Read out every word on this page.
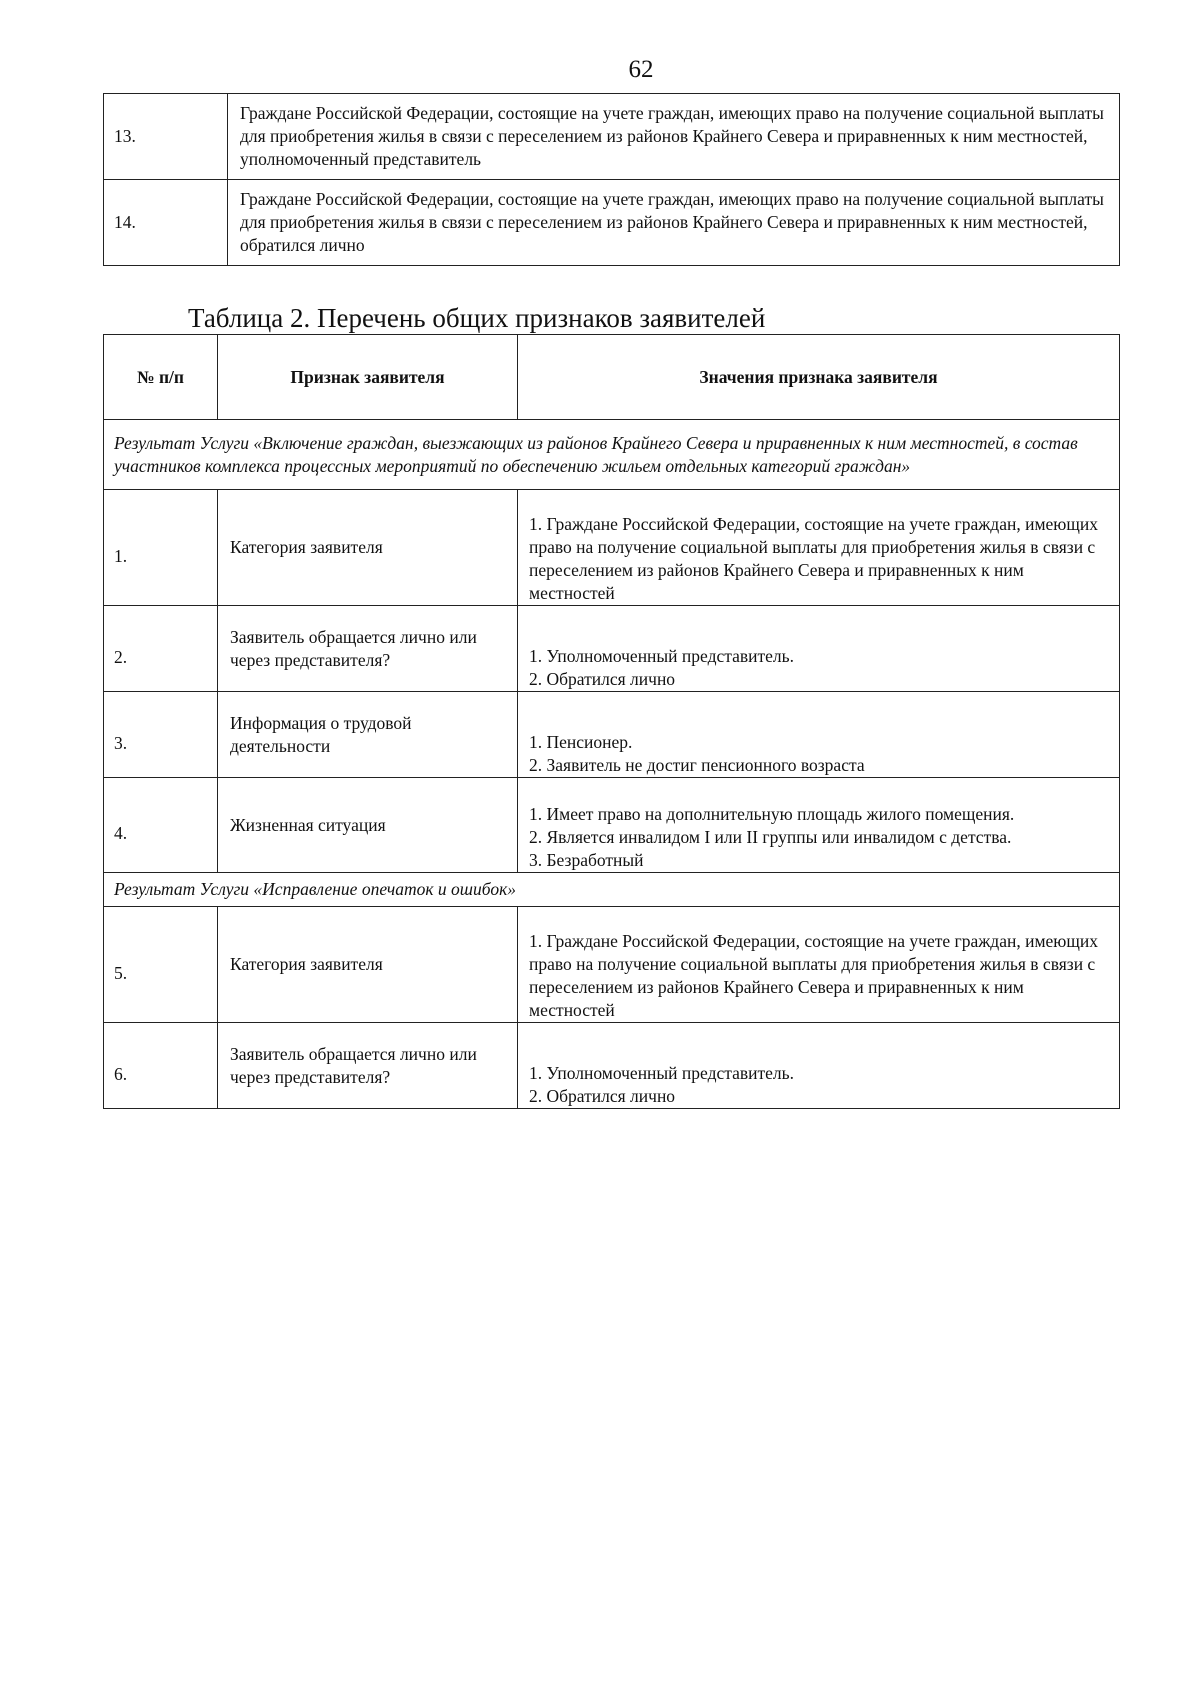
62
13.	Граждане Российской Федерации, состоящие на учете граждан, имеющих право на получение социальной выплаты для приобретения жилья в связи с переселением из районов Крайнего Севера и приравненных к ним местностей, уполномоченный представитель
14.	Граждане Российской Федерации, состоящие на учете граждан, имеющих право на получение социальной выплаты для приобретения жилья в связи с переселением из районов Крайнего Севера и приравненных к ним местностей, обратился лично
Таблица 2. Перечень общих признаков заявителей
№ п/п	Признак заявителя	Значения признака заявителя
Результат Услуги «Включение граждан, выезжающих из районов Крайнего Севера и приравненных к ним местностей, в состав участников комплекса процессных мероприятий по обеспечению жильем отдельных категорий граждан»		
1.	Категория заявителя	1. Граждане Российской Федерации, состоящие на учете граждан, имеющих право на получение социальной выплаты для приобретения жилья в связи с переселением из районов Крайнего Севера и приравненных к ним местностей

2.	Заявитель обращается лично или через представителя?	1. Уполномоченный представитель.
2. Обратился лично

3.	Информация о трудовой деятельности	1. Пенсионер.
2. Заявитель не достиг пенсионного возраста

4.	Жизненная ситуация	1. Имеет право на дополнительную площадь жилого помещения.
2. Является инвалидом I или II группы или инвалидом с детства.
3. Безработный

Результат Услуги «Исправление опечаток и ошибок»		
5.	Категория заявителя	1. Граждане Российской Федерации, состоящие на учете граждан, имеющих право на получение социальной выплаты для приобретения жилья в связи с переселением из районов Крайнего Севера и приравненных к ним местностей

6.	Заявитель обращается лично или через представителя?	1. Уполномоченный представитель.
2. Обратился лично
